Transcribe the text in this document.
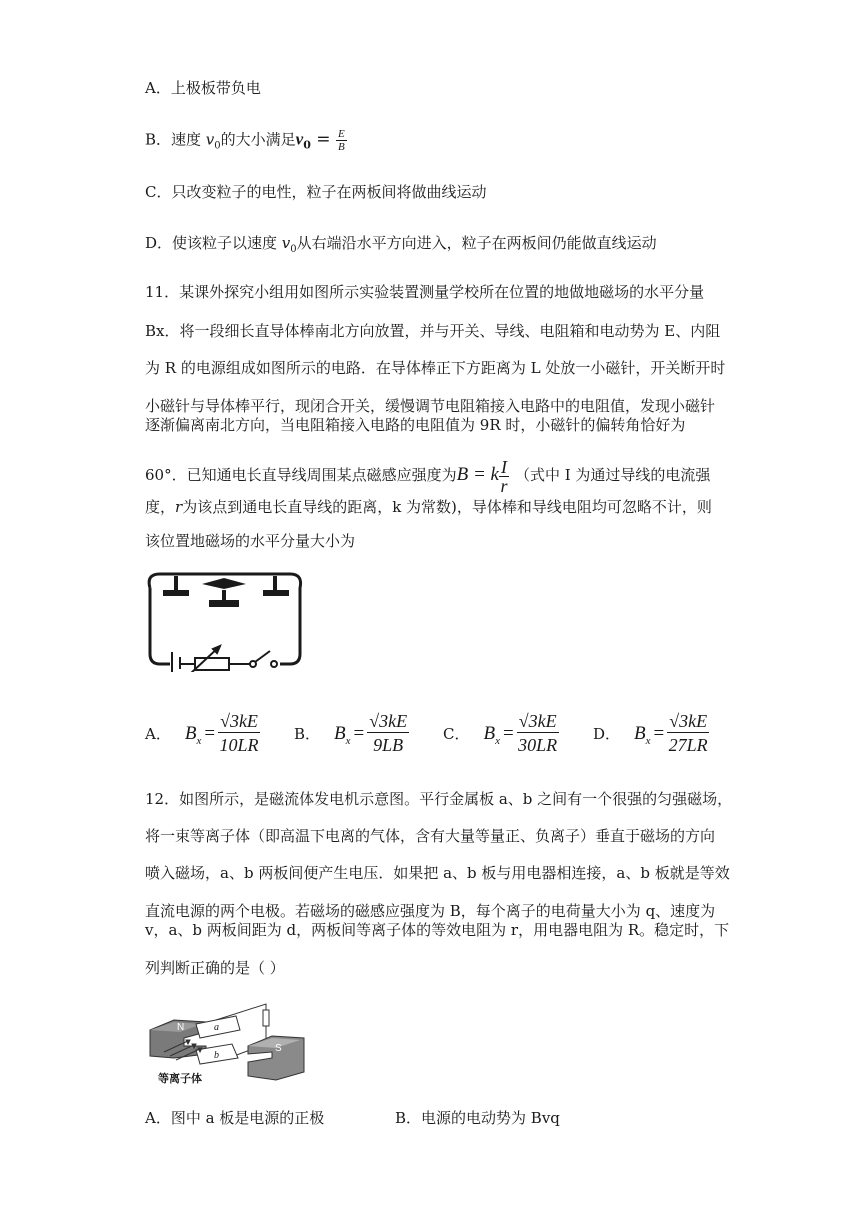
A．上极板带负电
B．速度 $v_0$的大小满足$v_0 = \frac{E}{B}$
C．只改变粒子的电性，粒子在两板间将做曲线运动
D．使该粒子以速度 $v_0$从右端沿水平方向进入，粒子在两板间仍能做直线运动
11．某课外探究小组用如图所示实验装置测量学校所在位置的地做地磁场的水平分量
Bx．将一段细长直导体棒南北方向放置，并与开关、导线、电阻箱和电动势为 E、内阻
为 R 的电源组成如图所示的电路．在导体棒正下方距离为 L 处放一小磁针，开关断开时
小磁针与导体棒平行，现闭合开关，缓慢调节电阻箱接入电路中的电阻值，发现小磁针
逐渐偏离南北方向，当电阻箱接入电路的电阻值为 9R 时，小磁针的偏转角恰好为
60°．已知通电长直导线周围某点磁感应强度为B = k $\frac{I}{r}$ （式中 I 为通过导线的电流强
度，r为该点到通电长直导线的距离，k 为常数)，导体棒和导线电阻均可忽略不计，则
该位置地磁场的水平分量大小为
A． $B_x = \frac{√3kE}{10LR}$ B． $B_x = \frac{√3kE}{9LB}$ C． $B_x = \frac{√3kE}{30LR}$ D． $B_x = \frac{√3kE}{27LR}$
12．如图所示，是磁流体发电机示意图。平行金属板 a、b 之间有一个很强的匀强磁场，
将一束等离子体（即高温下电离的气体，含有大量等量正、负离子）垂直于磁场的方向
喷入磁场，a、b 两板间便产生电压．如果把 a、b 板与用电器相连接，a、b 板就是等效
直流电源的两个电极。若磁场的磁感应强度为 B，每个离子的电荷量大小为 q、速度为
v，a、b 两板间距为 d，两板间等离子体的等效电阻为 r，用电器电阻为 R。稳定时，下
列判断正确的是（ ）
N	a
b
S
等离子体
A．图中 a 板是电源的正极	B．电源的电动势为 Bvq
